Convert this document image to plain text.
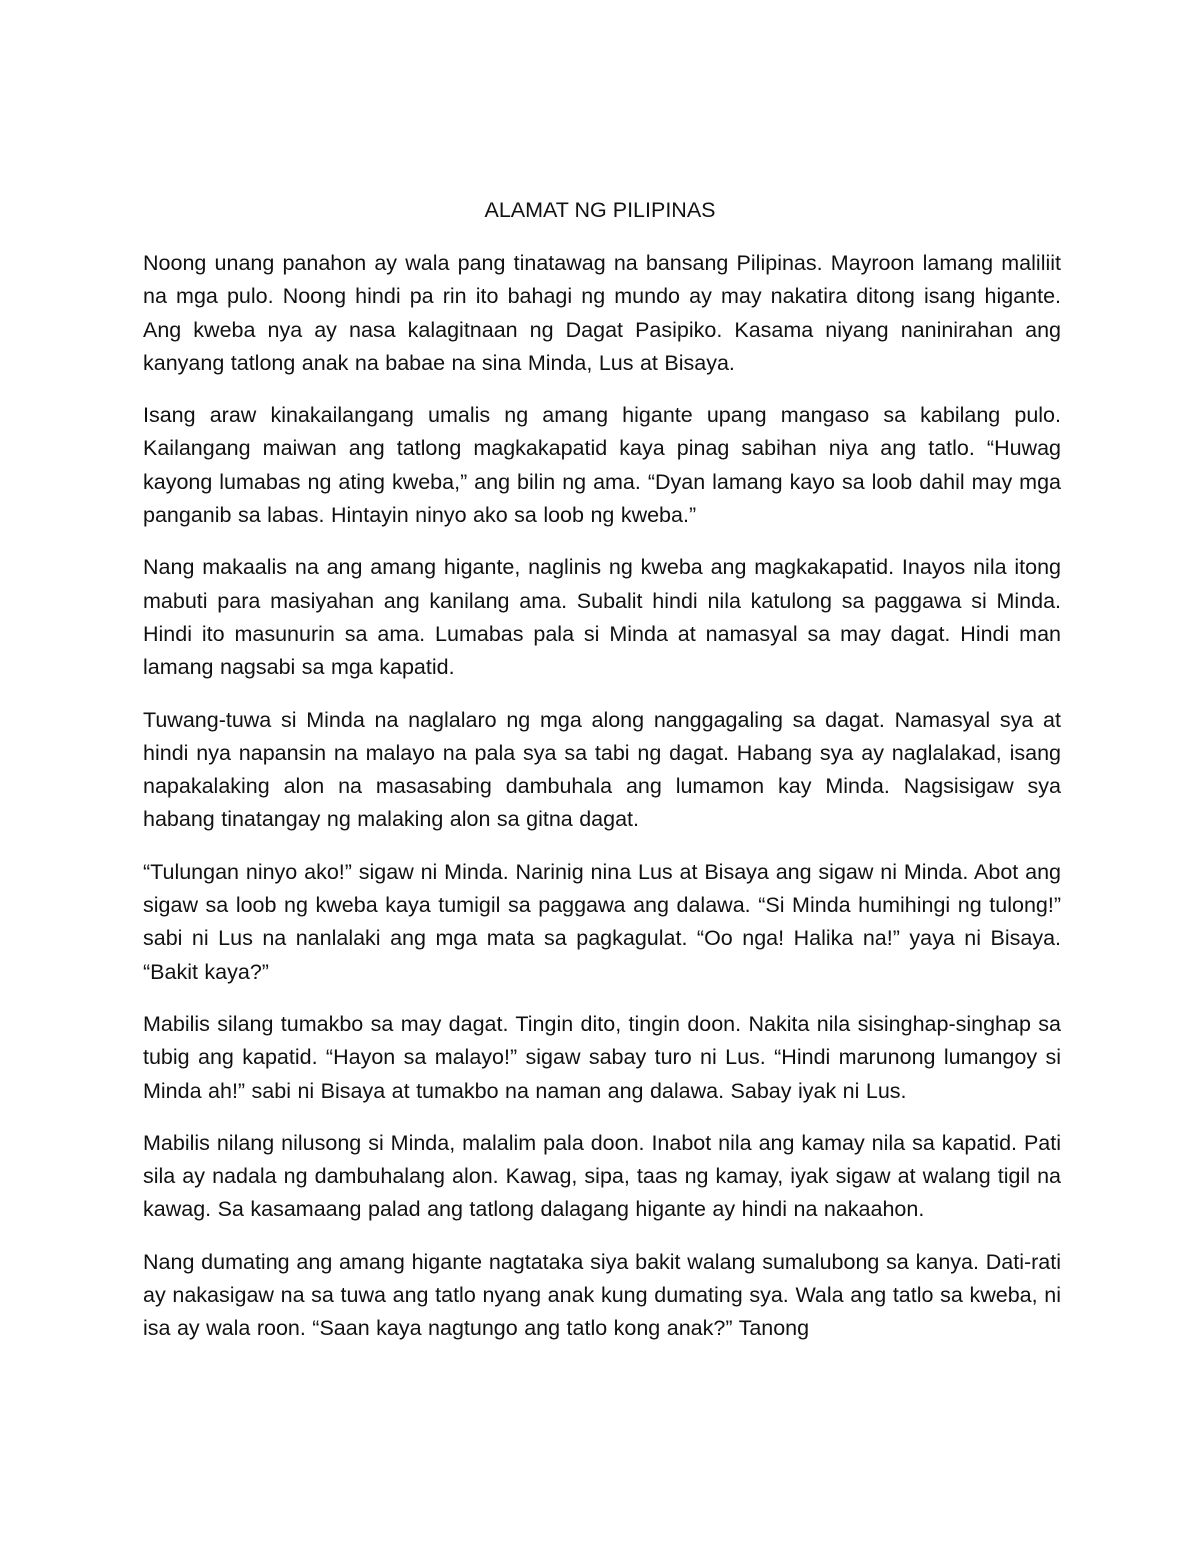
ALAMAT NG PILIPINAS

Noong unang panahon ay wala pang tinatawag na bansang Pilipinas. Mayroon lamang maliliit na mga pulo. Noong hindi pa rin ito bahagi ng mundo ay may nakatira ditong isang higante. Ang kweba nya ay nasa kalagitnaan ng Dagat Pasipiko. Kasama niyang naninirahan ang kanyang tatlong anak na babae na sina Minda, Lus at Bisaya.

Isang araw kinakailangang umalis ng amang higante upang mangaso sa kabilang pulo. Kailangang maiwan ang tatlong magkakapatid kaya pinag sabihan niya ang tatlo. “Huwag kayong lumabas ng ating kweba,” ang bilin ng ama. “Dyan lamang kayo sa loob dahil may mga panganib sa labas. Hintayin ninyo ako sa loob ng kweba.”

Nang makaalis na ang amang higante, naglinis ng kweba ang magkakapatid. Inayos nila itong mabuti para masiyahan ang kanilang ama. Subalit hindi nila katulong sa paggawa si Minda. Hindi ito masunurin sa ama. Lumabas pala si Minda at namasyal sa may dagat. Hindi man lamang nagsabi sa mga kapatid.

Tuwang-tuwa si Minda na naglalaro ng mga along nanggagaling sa dagat. Namasyal sya at hindi nya napansin na malayo na pala sya sa tabi ng dagat. Habang sya ay naglalakad, isang napakalaking alon na masasabing dambuhala ang lumamon kay Minda. Nagsisigaw sya habang tinatangay ng malaking alon sa gitna dagat.

“Tulungan ninyo ako!” sigaw ni Minda. Narinig nina Lus at Bisaya ang sigaw ni Minda. Abot ang sigaw sa loob ng kweba kaya tumigil sa paggawa ang dalawa. “Si Minda humihingi ng tulong!” sabi ni Lus na nanlalaki ang mga mata sa pagkagulat. “Oo nga! Halika na!” yaya ni Bisaya. “Bakit kaya?”

Mabilis silang tumakbo sa may dagat. Tingin dito, tingin doon. Nakita nila sisinghap-singhap sa tubig ang kapatid. “Hayon sa malayo!” sigaw sabay turo ni Lus. “Hindi marunong lumangoy si Minda ah!” sabi ni Bisaya at tumakbo na naman ang dalawa. Sabay iyak ni Lus.

Mabilis nilang nilusong si Minda, malalim pala doon. Inabot nila ang kamay nila sa kapatid. Pati sila ay nadala ng dambuhalang alon. Kawag, sipa, taas ng kamay, iyak sigaw at walang tigil na kawag. Sa kasamaang palad ang tatlong dalagang higante ay hindi na nakaahon.

Nang dumating ang amang higante nagtataka siya bakit walang sumalubong sa kanya. Dati-rati ay nakasigaw na sa tuwa ang tatlo nyang anak kung dumating sya. Wala ang tatlo sa kweba, ni isa ay wala roon. “Saan kaya nagtungo ang tatlo kong anak?” Tanong
